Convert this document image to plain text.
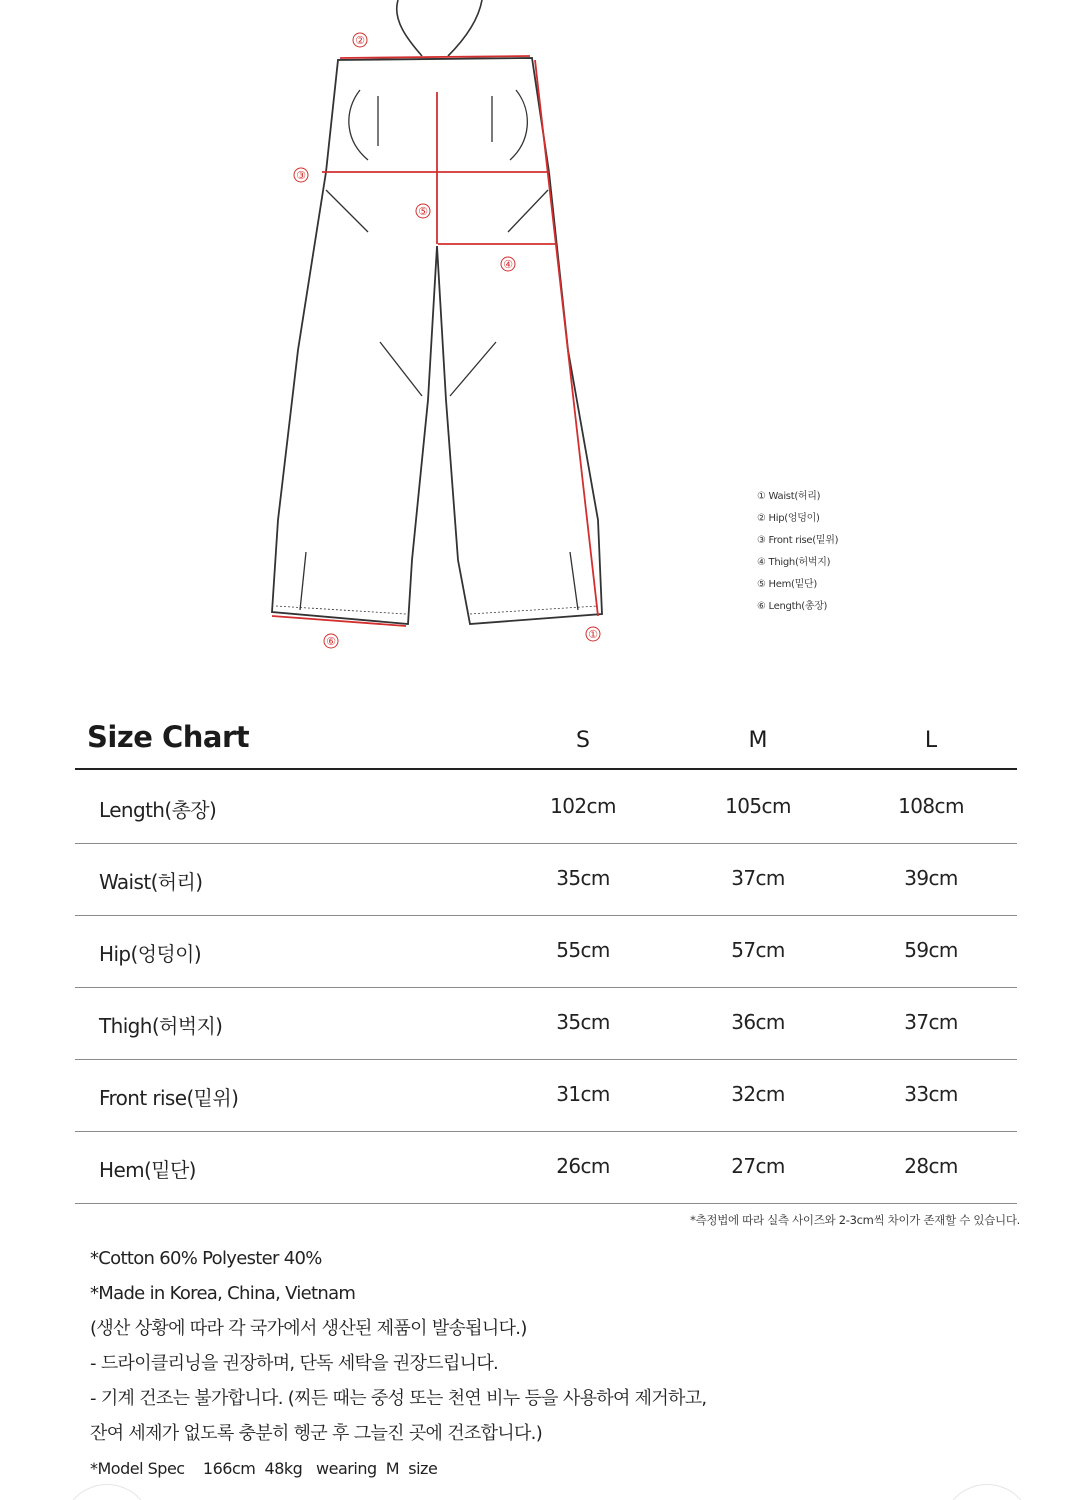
①
②
③
④
⑤
⑥
① Waist(허리)
② Hip(엉덩이)
③ Front rise(밑위)
④ Thigh(허벅지)
⑤ Hem(밑단)
⑥ Length(총장)
Size Chart	S	M	L
Length(총장)	102cm	105cm	108cm
Waist(허리)	35cm	37cm	39cm
Hip(엉덩이)	55cm	57cm	59cm
Thigh(허벅지)	35cm	36cm	37cm
Front rise(밑위)	31cm	32cm	33cm
Hem(밑단)	26cm	27cm	28cm
*측정법에 따라 실측 사이즈와 2-3cm씩 차이가 존재할 수 있습니다.
*Cotton 60% Polyester 40%
*Made in Korea, China, Vietnam
(생산 상황에 따라 각 국가에서 생산된 제품이 발송됩니다.)
- 드라이클리닝을 권장하며, 단독 세탁을 권장드립니다.
- 기계 건조는 불가합니다. (찌든 때는 중성 또는 천연 비누 등을 사용하여 제거하고,
잔여 세제가 없도록 충분히 헹군 후 그늘진 곳에 건조합니다.)
*Model Spec    166cm  48kg   wearing  M  size
